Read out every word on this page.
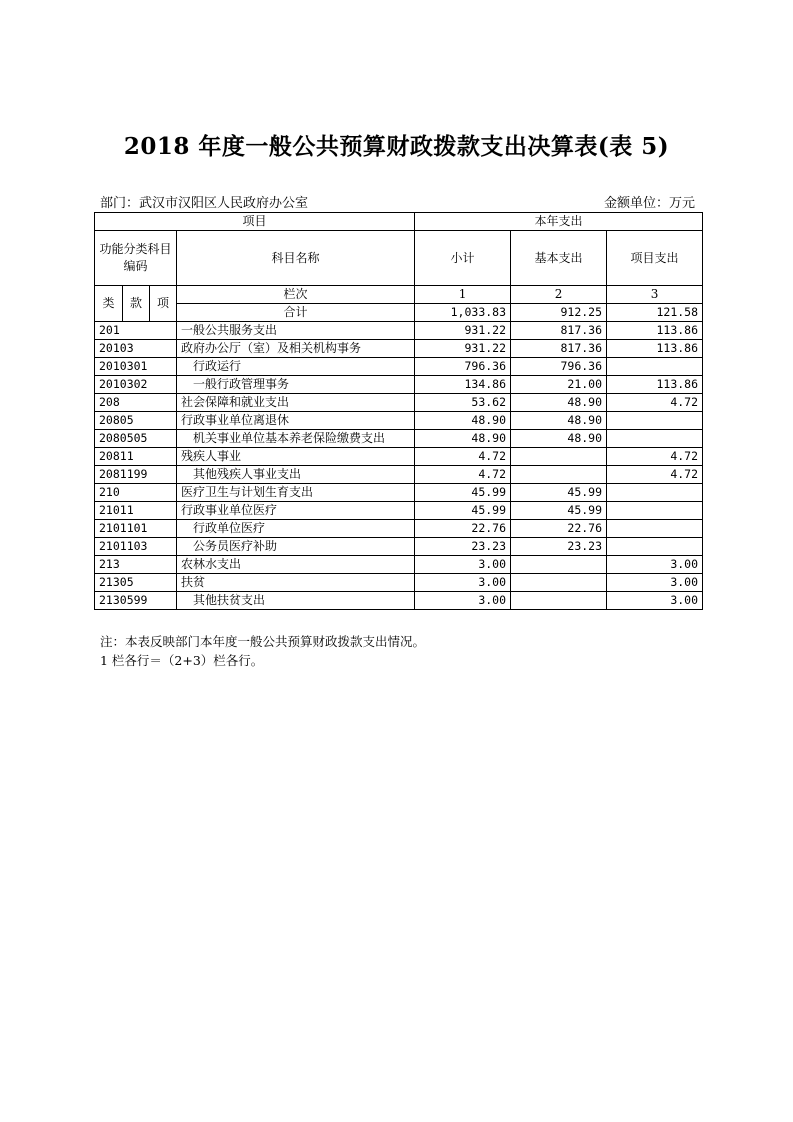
2018 年度一般公共预算财政拨款支出决算表(表 5)
部门：武汉市汉阳区人民政府办公室	金额单位：万元
项目				本年支出		
功能分类科目编码			科目名称	小计	基本支出	项目支出
类	款	项	栏次	1	2	3
			合计	1,033.83	912.25	121.58
201			一般公共服务支出	931.22	817.36	113.86
20103			政府办公厅（室）及相关机构事务	931.22	817.36	113.86
2010301			行政运行	796.36	796.36	
2010302			一般行政管理事务	134.86	21.00	113.86
208			社会保障和就业支出	53.62	48.90	4.72
20805			行政事业单位离退休	48.90	48.90	
2080505			机关事业单位基本养老保险缴费支出	48.90	48.90	
20811			残疾人事业	4.72		4.72
2081199			其他残疾人事业支出	4.72		4.72
210			医疗卫生与计划生育支出	45.99	45.99	
21011			行政事业单位医疗	45.99	45.99	
2101101			行政单位医疗	22.76	22.76	
2101103			公务员医疗补助	23.23	23.23	
213			农林水支出	3.00		3.00
21305			扶贫	3.00		3.00
2130599			其他扶贫支出	3.00		3.00
注：本表反映部门本年度一般公共预算财政拨款支出情况。
1 栏各行＝（2+3）栏各行。
